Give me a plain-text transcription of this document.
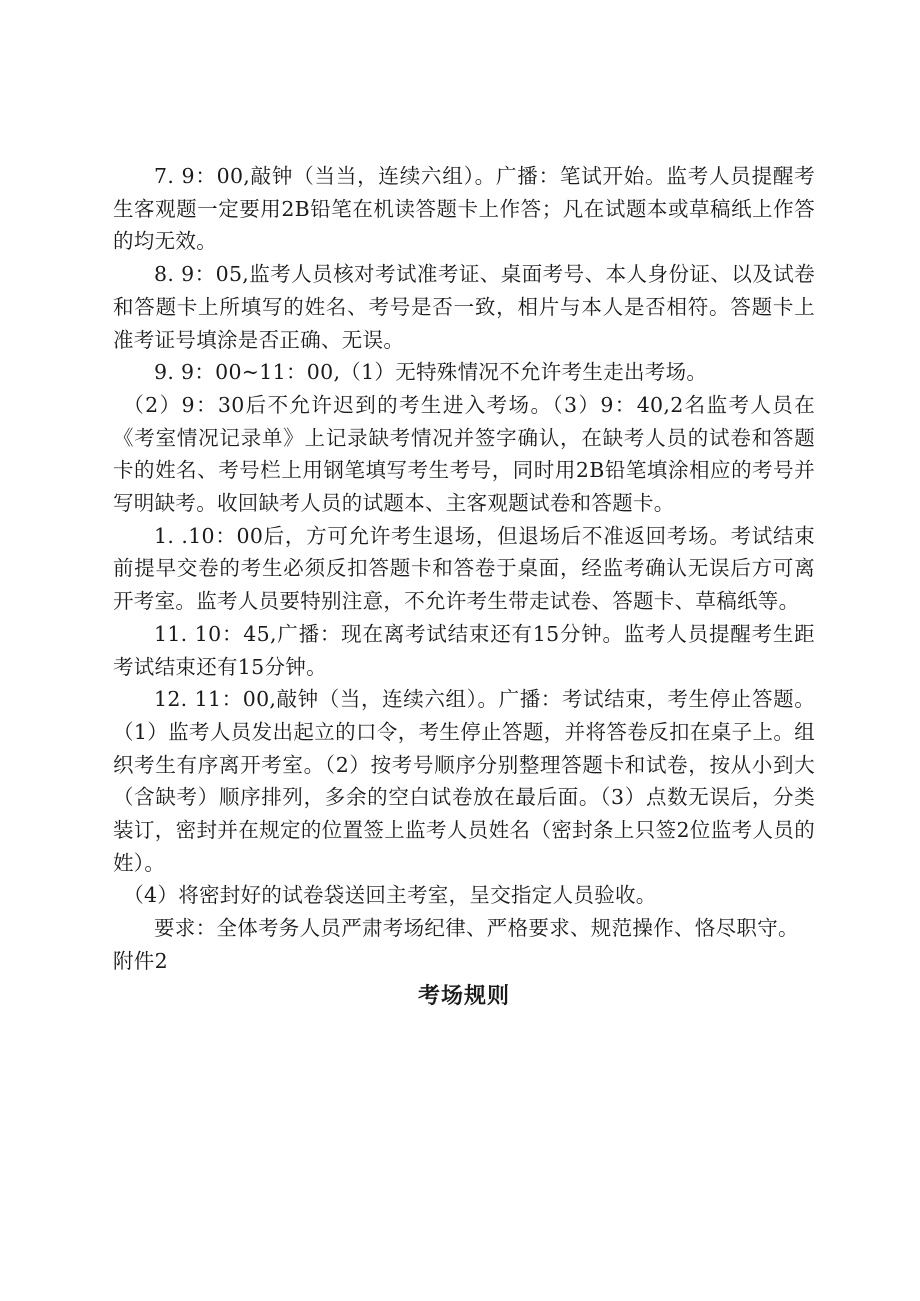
7. 9：00,敲钟（当当，连续六组）。广播：笔试开始。监考人员提醒考生客观题一定要用2B铅笔在机读答题卡上作答；凡在试题本或草稿纸上作答的均无效。

8. 9：05,监考人员核对考试准考证、桌面考号、本人身份证、以及试卷和答题卡上所填写的姓名、考号是否一致，相片与本人是否相符。答题卡上准考证号填涂是否正确、无误。

9. 9：00~11：00,（1）无特殊情况不允许考生走出考场。

（2）9：30后不允许迟到的考生进入考场。（3）9：40,2名监考人员在《考室情况记录单》上记录缺考情况并签字确认，在缺考人员的试卷和答题卡的姓名、考号栏上用钢笔填写考生考号，同时用2B铅笔填涂相应的考号并写明缺考。收回缺考人员的试题本、主客观题试卷和答题卡。

1. .10：00后，方可允许考生退场，但退场后不准返回考场。考试结束前提早交卷的考生必须反扣答题卡和答卷于桌面，经监考确认无误后方可离开考室。监考人员要特别注意，不允许考生带走试卷、答题卡、草稿纸等。

11. 10：45,广播：现在离考试结束还有15分钟。监考人员提醒考生距考试结束还有15分钟。

12. 11：00,敲钟（当，连续六组）。广播：考试结束，考生停止答题。（1）监考人员发出起立的口令，考生停止答题，并将答卷反扣在桌子上。组织考生有序离开考室。（2）按考号顺序分别整理答题卡和试卷，按从小到大（含缺考）顺序排列，多余的空白试卷放在最后面。（3）点数无误后，分类装订，密封并在规定的位置签上监考人员姓名（密封条上只签2位监考人员的姓）。

（4）将密封好的试卷袋送回主考室，呈交指定人员验收。

要求：全体考务人员严肃考场纪律、严格要求、规范操作、恪尽职守。

附件2

考场规则
